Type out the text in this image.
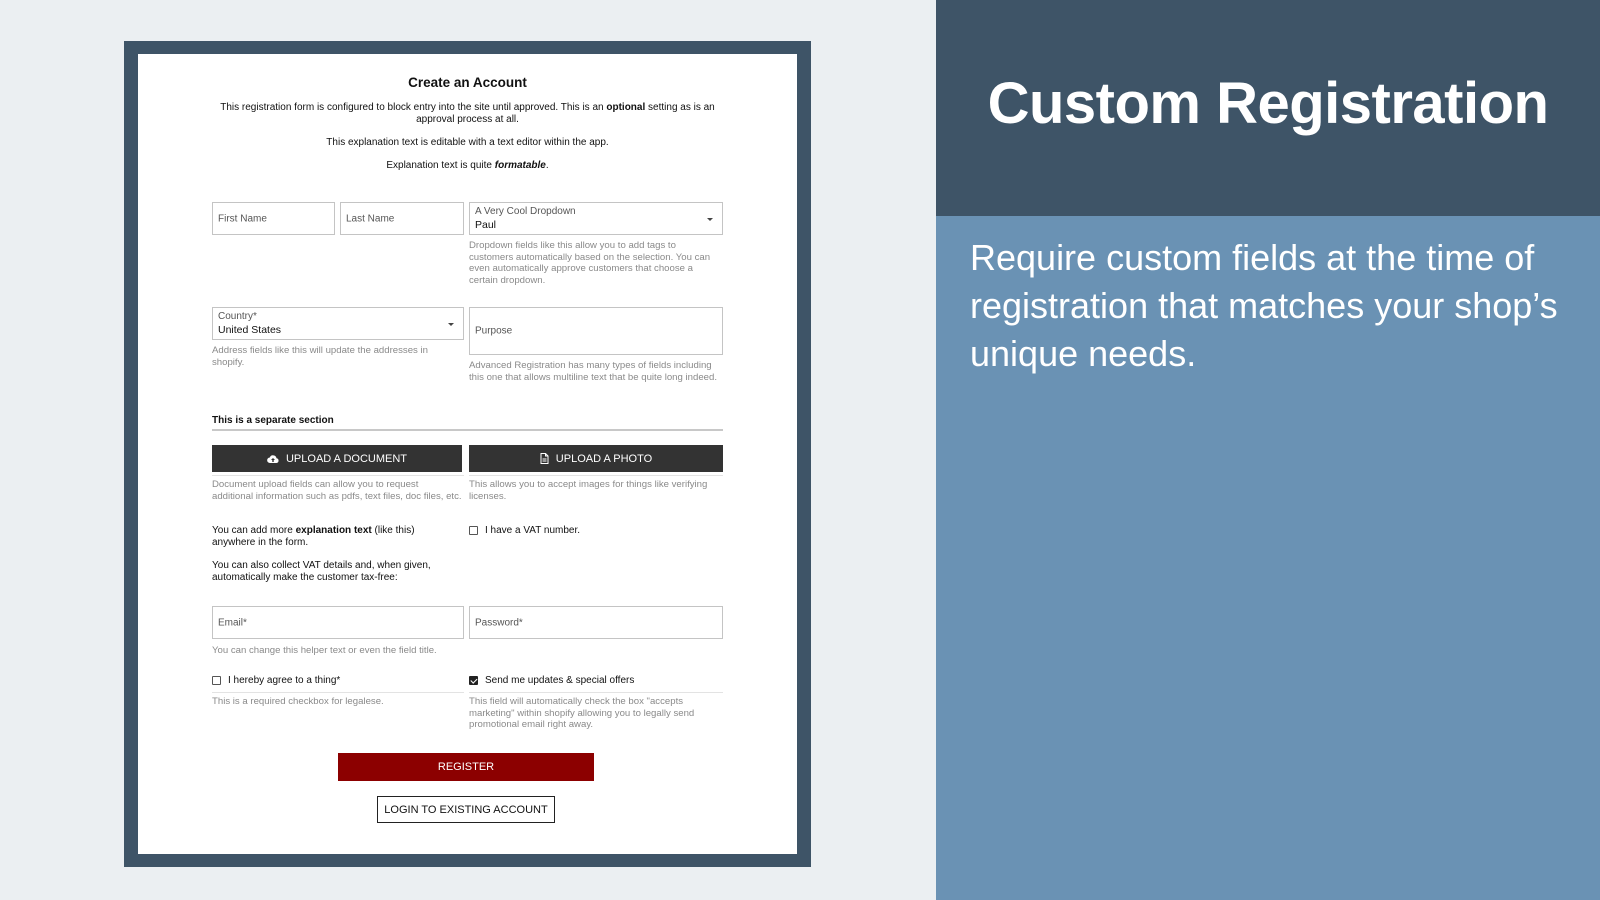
Create an Account
This registration form is configured to block entry into the site until approved. This is an optional setting as is an approval process at all.
This explanation text is editable with a text editor within the app.
Explanation text is quite formatable.
First Name	Last Name
A Very Cool Dropdown
Paul
Dropdown fields like this allow you to add tags to customers automatically based on the selection. You can even automatically approve customers that choose a certain dropdown.
Country*
United States
Address fields like this will update the addresses in shopify.
Purpose
Advanced Registration has many types of fields including this one that allows multiline text that be quite long indeed.
This is a separate section
UPLOAD A DOCUMENT	UPLOAD A PHOTO
Document upload fields can allow you to request additional information such as pdfs, text files, doc files, etc.
This allows you to accept images for things like verifying licenses.
You can add more explanation text (like this) anywhere in the form.
You can also collect VAT details and, when given, automatically make the customer tax-free:
I have a VAT number.
Email*	Password*
You can change this helper text or even the field title.
I hereby agree to a thing*	Send me updates & special offers
This is a required checkbox for legalese.	This field will automatically check the box "accepts marketing" within shopify allowing you to legally send promotional email right away.
REGISTER
LOGIN TO EXISTING ACCOUNT
Custom Registration
Require custom fields at the time of registration that matches your shop’s unique needs.
